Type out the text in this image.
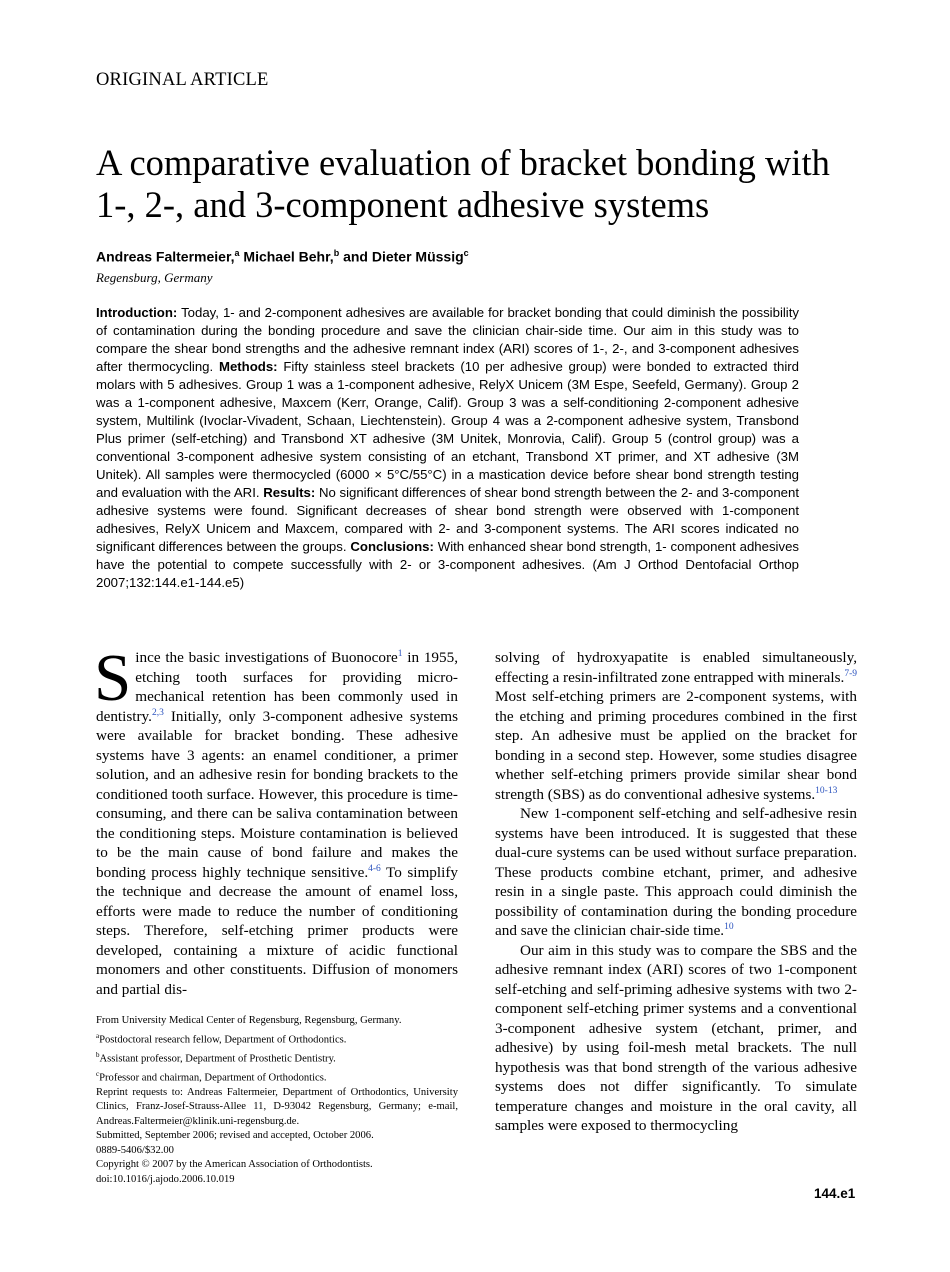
ORIGINAL ARTICLE
A comparative evaluation of bracket bonding with 1-, 2-, and 3-component adhesive systems
Andreas Faltermeier,$^a$ Michael Behr,$^b$ and Dieter Müssig$^c$
Regensburg, Germany

Introduction: Today, 1- and 2-component adhesives are available for bracket bonding that could diminish the possibility of contamination during the bonding procedure and save the clinician chair-side time. Our aim in this study was to compare the shear bond strengths and the adhesive remnant index (ARI) scores of 1-, 2-, and 3-component adhesives after thermocycling. Methods: Fifty stainless steel brackets (10 per adhesive group) were bonded to extracted third molars with 5 adhesives. Group 1 was a 1-component adhesive, RelyX Unicem (3M Espe, Seefeld, Germany). Group 2 was a 1-component adhesive, Maxcem (Kerr, Orange, Calif). Group 3 was a self-conditioning 2-component adhesive system, Multilink (Ivoclar-Vivadent, Schaan, Liechtenstein). Group 4 was a 2-component adhesive system, Transbond Plus primer (self-etching) and Transbond XT adhesive (3M Unitek, Monrovia, Calif). Group 5 (control group) was a conventional 3-component adhesive system consisting of an etchant, Transbond XT primer, and XT adhesive (3M Unitek). All samples were thermocycled (6000 × 5°C/55°C) in a mastication device before shear bond strength testing and evaluation with the ARI. Results: No significant differences of shear bond strength between the 2- and 3-component adhesive systems were found. Significant decreases of shear bond strength were observed with 1-component adhesives, RelyX Unicem and Maxcem, compared with 2- and 3-component systems. The ARI scores indicated no significant differences between the groups. Conclusions: With enhanced shear bond strength, 1- component adhesives have the potential to compete successfully with 2- or 3-component adhesives. (Am J Orthod Dentofacial Orthop 2007;132:144.e1-144.e5)

Since the basic investigations of Buonocore$^1$ in 1955, etching tooth surfaces for providing micro-mechanical retention has been commonly used in dentistry.$^{2,3}$ Initially, only 3-component adhesive systems were available for bracket bonding. These adhesive systems have 3 agents: an enamel conditioner, a primer solution, and an adhesive resin for bonding brackets to the conditioned tooth surface. However, this procedure is time-consuming, and there can be saliva contamination between the conditioning steps. Moisture contamination is believed to be the main cause of bond failure and makes the bonding process highly technique sensitive.$^{4-6}$ To simplify the technique and decrease the amount of enamel loss, efforts were made to reduce the number of conditioning steps. Therefore, self-etching primer products were developed, containing a mixture of acidic functional monomers and other constituents. Diffusion of monomers and partial dis-

From University Medical Center of Regensburg, Regensburg, Germany.
$^a$Postdoctoral research fellow, Department of Orthodontics.
$^b$Assistant professor, Department of Prosthetic Dentistry.
$^c$Professor and chairman, Department of Orthodontics.
Reprint requests to: Andreas Faltermeier, Department of Orthodontics, University Clinics, Franz-Josef-Strauss-Allee 11, D-93042 Regensburg, Germany; e-mail, Andreas.Faltermeier@klinik.uni-regensburg.de.
Submitted, September 2006; revised and accepted, October 2006.
0889-5406/$32.00
Copyright © 2007 by the American Association of Orthodontists.
doi:10.1016/j.ajodo.2006.10.019

solving of hydroxyapatite is enabled simultaneously, effecting a resin-infiltrated zone entrapped with minerals.$^{7-9}$ Most self-etching primers are 2-component systems, with the etching and priming procedures combined in the first step. An adhesive must be applied on the bracket for bonding in a second step. However, some studies disagree whether self-etching primers provide similar shear bond strength (SBS) as do conventional adhesive systems.$^{10-13}$

New 1-component self-etching and self-adhesive resin systems have been introduced. It is suggested that these dual-cure systems can be used without surface preparation. These products combine etchant, primer, and adhesive resin in a single paste. This approach could diminish the possibility of contamination during the bonding procedure and save the clinician chair-side time.$^{10}$

Our aim in this study was to compare the SBS and the adhesive remnant index (ARI) scores of two 1-component self-etching and self-priming adhesive systems with two 2-component self-etching primer systems and a conventional 3-component adhesive system (etchant, primer, and adhesive) by using foil-mesh metal brackets. The null hypothesis was that bond strength of the various adhesive systems does not differ significantly. To simulate temperature changes and moisture in the oral cavity, all samples were exposed to thermocycling

144.e1
